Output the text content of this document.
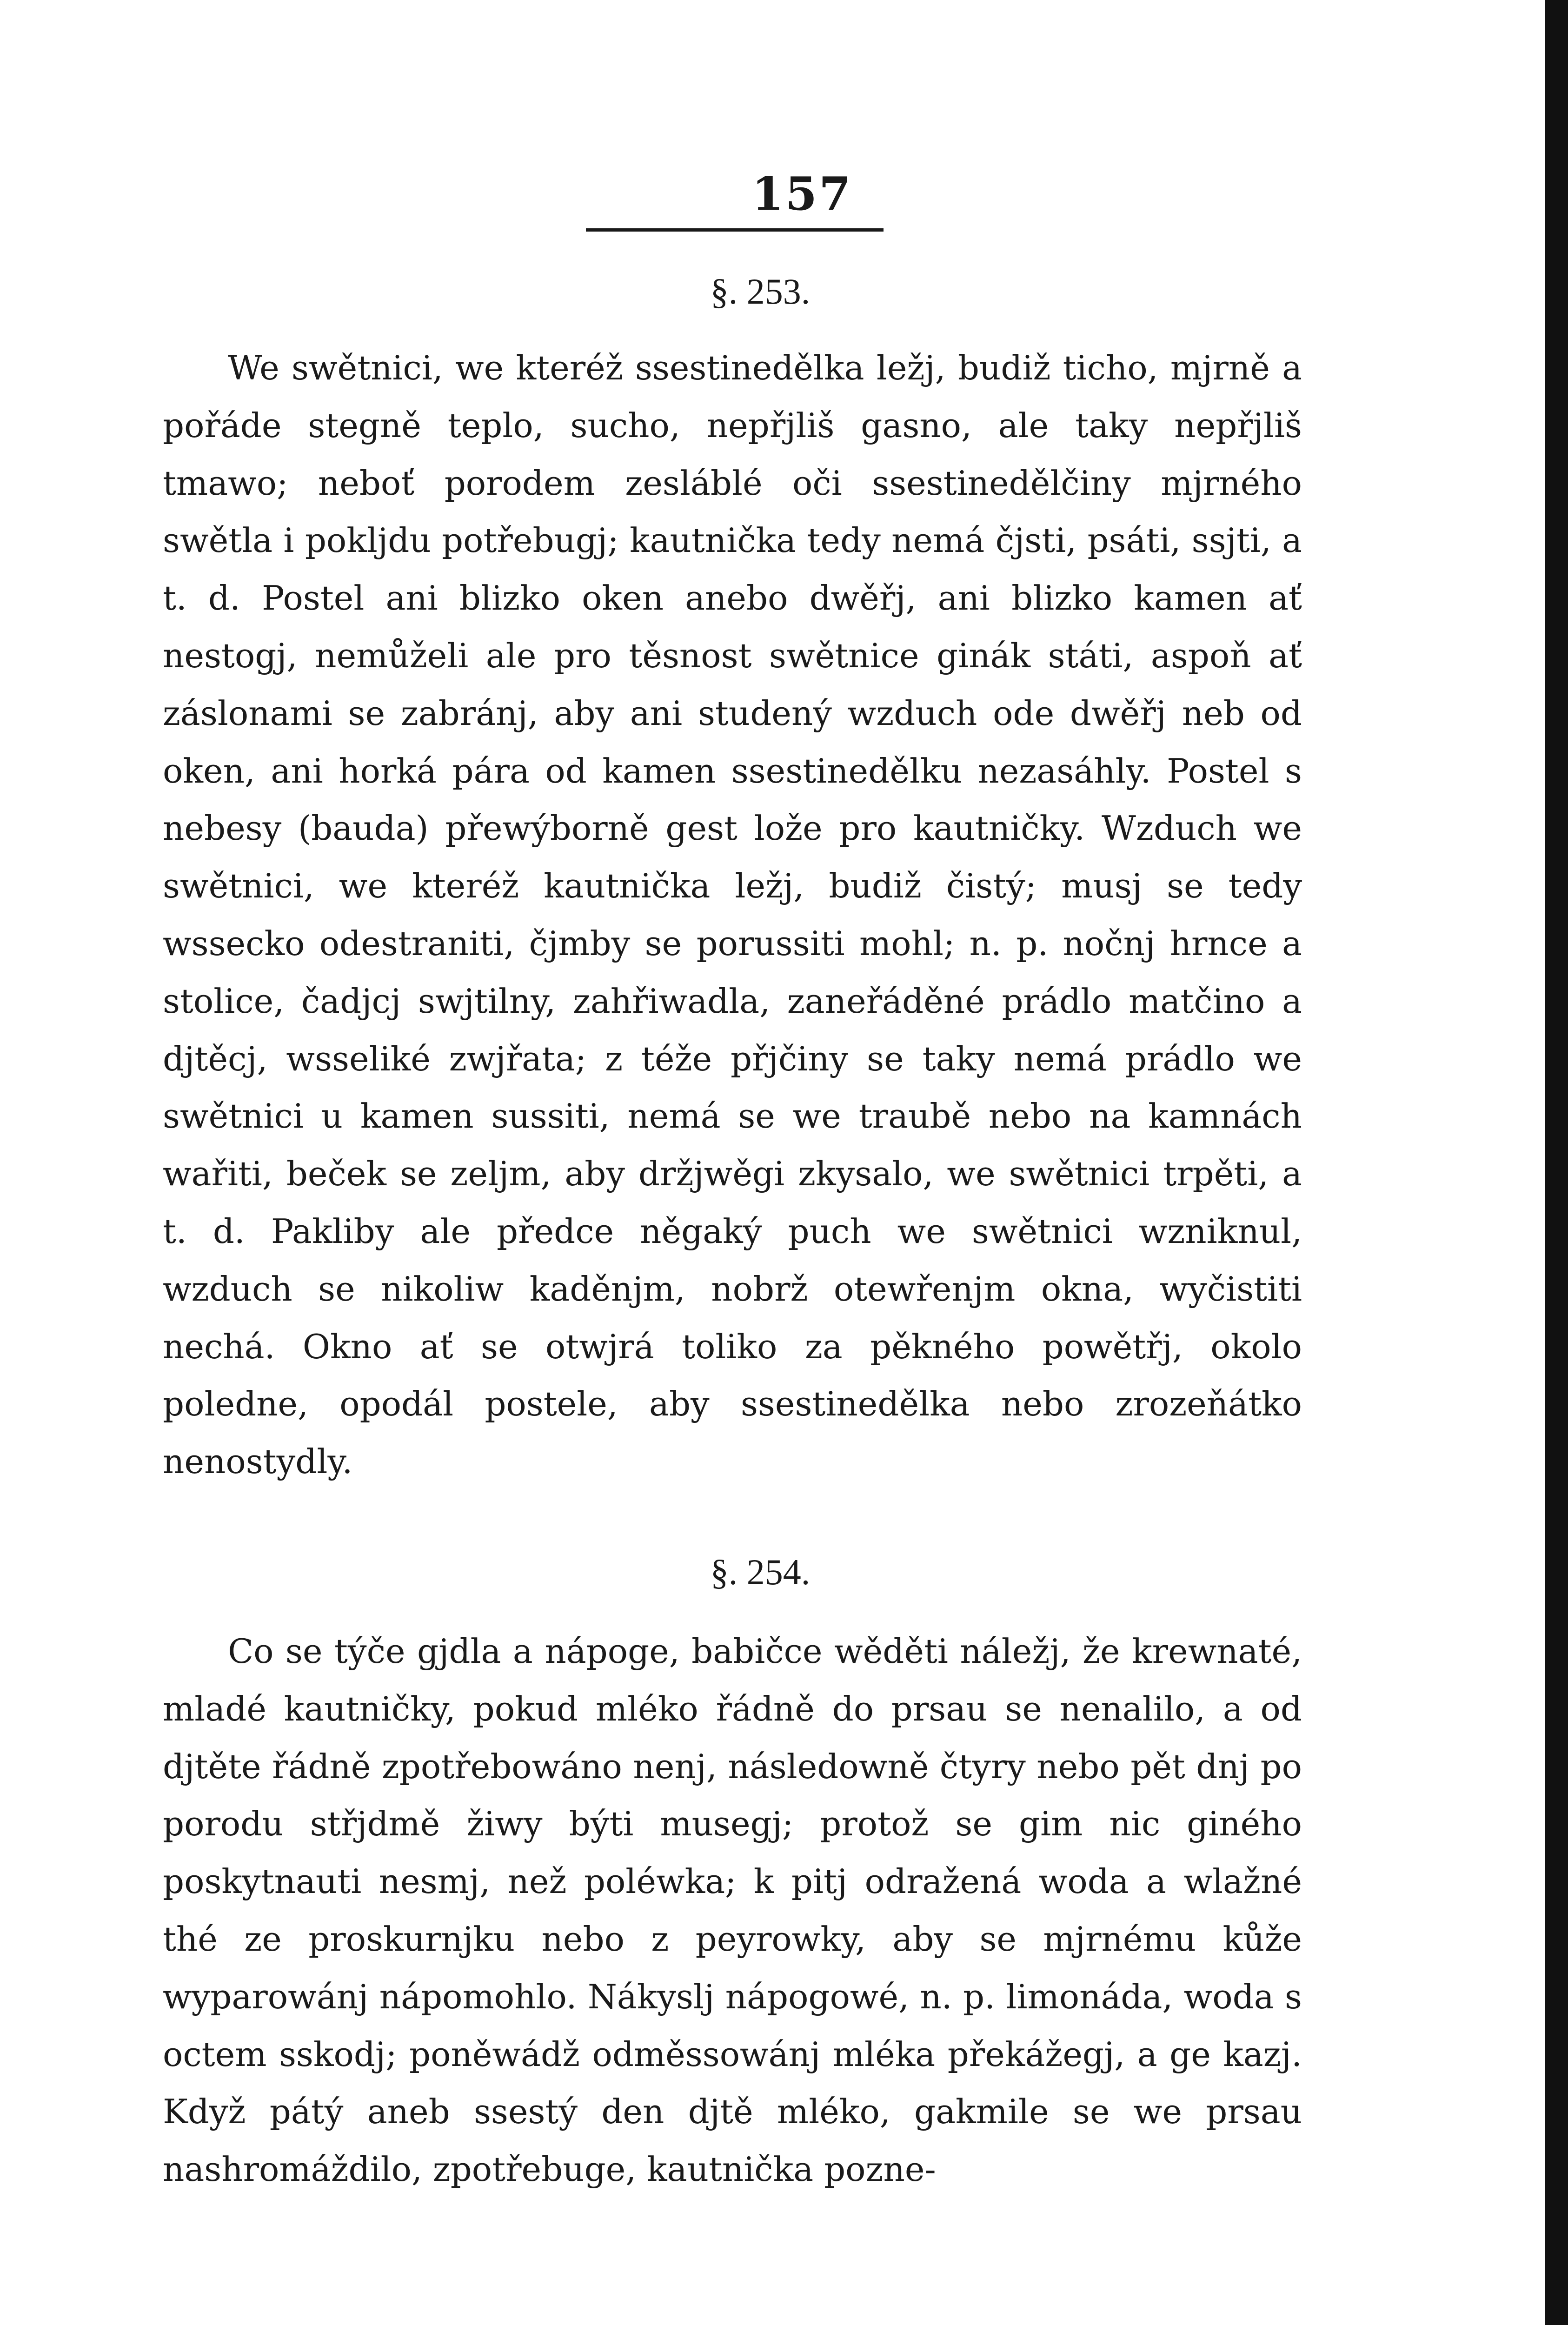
157
§. 253.

We swětnici, we kteréž ssestinedělka ležj, budiž ticho, mjrně a pořáde stegně teplo, sucho, nepřjliš gasno, ale taky nepřjliš tmawo; neboť porodem zesláblé oči ssestinedělčiny mjrného swětla i pokljdu potřebugj; kautnička tedy nemá čjsti, psáti, ssjti, a t. d. Postel ani blizko oken anebo dwěřj, ani blizko kamen ať nestogj, nemůželi ale pro těsnost swětnice ginák státi, aspoň ať záslonami se zabránj, aby ani studený wzduch ode dwěřj neb od oken, ani horká pára od kamen ssestinedělku nezasáhly. Postel s nebesy (bauda) přewýborně gest lože pro kautničky. Wzduch we swětnici, we kteréž kautnička ležj, budiž čistý; musj se tedy wssecko odestraniti, čjmby se porussiti mohl; n. p. nočnj hrnce a stolice, čadjcj swjtilny, zahřiwadla, zaneřáděné prádlo matčino a djtěcj, wsseliké zwjřata; z téže přjčiny se taky nemá prádlo we swětnici u kamen sussiti, nemá se we traubě nebo na kamnách wařiti, beček se zeljm, aby držjwěgi zkysalo, we swětnici trpěti, a t. d. Pakliby ale předce něgaký puch we swětnici wzniknul, wzduch se nikoliw kaděnjm, nobrž otewřenjm okna, wyčistiti nechá. Okno ať se otwjrá toliko za pěkného powětřj, okolo poledne, opodál postele, aby ssestinedělka nebo zrozeňátko nenostydly.

§. 254.

Co se týče gjdla a nápoge, babičce wěděti náležj, že krewnaté, mladé kautničky, pokud mléko řádně do prsau se nenalilo, a od djtěte řádně zpotřebowáno nenj, následowně čtyry nebo pět dnj po porodu střjdmě žiwy býti musegj; protož se gim nic giného poskytnauti nesmj, než poléwka; k pitj odražená woda a wlažné thé ze proskurnjku nebo z peyrowky, aby se mjrnému kůže wyparowánj nápomohlo. Nákyslj nápogowé, n. p. limonáda, woda s octem sskodj; poněwádž odměssowánj mléka překážegj, a ge kazj. Když pátý aneb ssestý den djtě mléko, gakmile se we prsau nashromáždilo, zpotřebuge, kautnička pozne-
